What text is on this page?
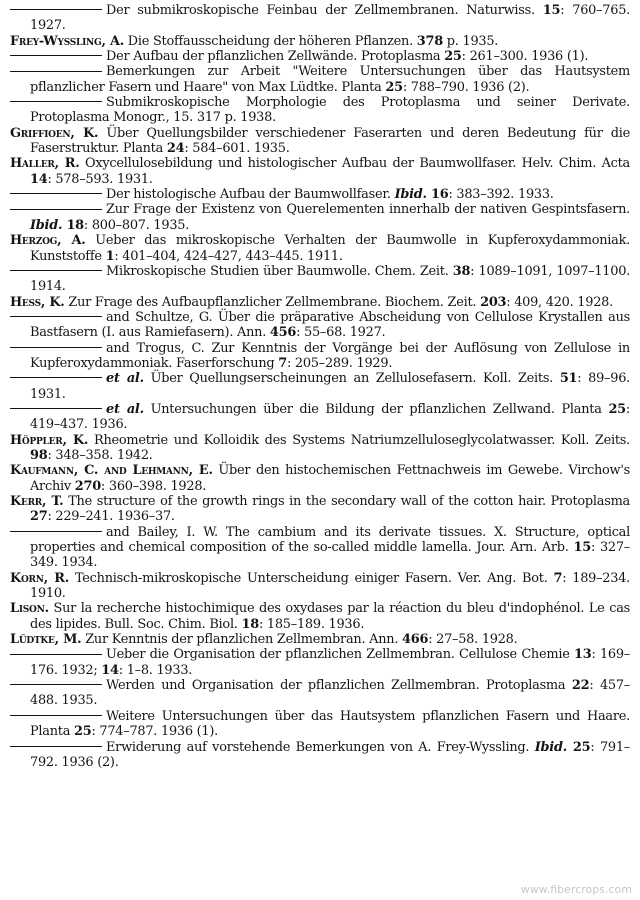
Der submikroskopische Feinbau der Zellmembranen. Naturwiss. 15: 760–765. 1927.
Frey-Wyssling, A. Die Stoffausscheidung der höheren Pflanzen. 378 p. 1935.
Der Aufbau der pflanzlichen Zellwände. Protoplasma 25: 261–300. 1936 (1).
Bemerkungen zur Arbeit "Weitere Untersuchungen über das Hautsystem pflanzlicher Fasern und Haare" von Max Lüdtke. Planta 25: 788–790. 1936 (2).
Submikroskopische Morphologie des Protoplasma und seiner Derivate. Protoplasma Monogr., 15. 317 p. 1938.
Griffioen, K. Über Quellungsbilder verschiedener Faserarten und deren Bedeutung für die Faserstruktur. Planta 24: 584–601. 1935.
Haller, R. Oxycellulosebildung und histologischer Aufbau der Baumwollfaser. Helv. Chim. Acta 14: 578–593. 1931.
Der histologische Aufbau der Baumwollfaser. Ibid. 16: 383–392. 1933.
Zur Frage der Existenz von Querelementen innerhalb der nativen Gespintsfasern. Ibid. 18: 800–807. 1935.
Herzog, A. Ueber das mikroskopische Verhalten der Baumwolle in Kupferoxydammoniak. Kunststoffe 1: 401–404, 424–427, 443–445. 1911.
Mikroskopische Studien über Baumwolle. Chem. Zeit. 38: 1089–1091, 1097–1100. 1914.
Hess, K. Zur Frage des Aufbaupflanzlicher Zellmembrane. Biochem. Zeit. 203: 409, 420. 1928.
and Schultze, G. Über die präparative Abscheidung von Cellulose Krystallen aus Bastfasern (I. aus Ramiefasern). Ann. 456: 55–68. 1927.
and Trogus, C. Zur Kenntnis der Vorgänge bei der Auflösung von Zellulose in Kupferoxydammoniak. Faserforschung 7: 205–289. 1929.
et al. Über Quellungserscheinungen an Zellulosefasern. Koll. Zeits. 51: 89–96. 1931.
et al. Untersuchungen über die Bildung der pflanzlichen Zellwand. Planta 25: 419–437. 1936.
Höppler, K. Rheometrie und Kolloidik des Systems Natriumzelluloseglycolatwasser. Koll. Zeits. 98: 348–358. 1942.
Kaufmann, C. and Lehmann, E. Über den histochemischen Fettnachweis im Gewebe. Virchow's Archiv 270: 360–398. 1928.
Kerr, T. The structure of the growth rings in the secondary wall of the cotton hair. Protoplasma 27: 229–241. 1936–37.
and Bailey, I. W. The cambium and its derivate tissues. X. Structure, optical properties and chemical composition of the so-called middle lamella. Jour. Arn. Arb. 15: 327–349. 1934.
Korn, R. Technisch-mikroskopische Unterscheidung einiger Fasern. Ver. Ang. Bot. 7: 189–234. 1910.
Lison. Sur la recherche histochimique des oxydases par la réaction du bleu d'indophénol. Le cas des lipides. Bull. Soc. Chim. Biol. 18: 185–189. 1936.
Lüdtke, M. Zur Kenntnis der pflanzlichen Zellmembran. Ann. 466: 27–58. 1928.
Ueber die Organisation der pflanzlichen Zellmembran. Cellulose Chemie 13: 169–176. 1932; 14: 1–8. 1933.
Werden und Organisation der pflanzlichen Zellmembran. Protoplasma 22: 457–488. 1935.
Weitere Untersuchungen über das Hautsystem pflanzlichen Fasern und Haare. Planta 25: 774–787. 1936 (1).
Erwiderung auf vorstehende Bemerkungen von A. Frey-Wyssling. Ibid. 25: 791–792. 1936 (2).
www.fibercrops.com
